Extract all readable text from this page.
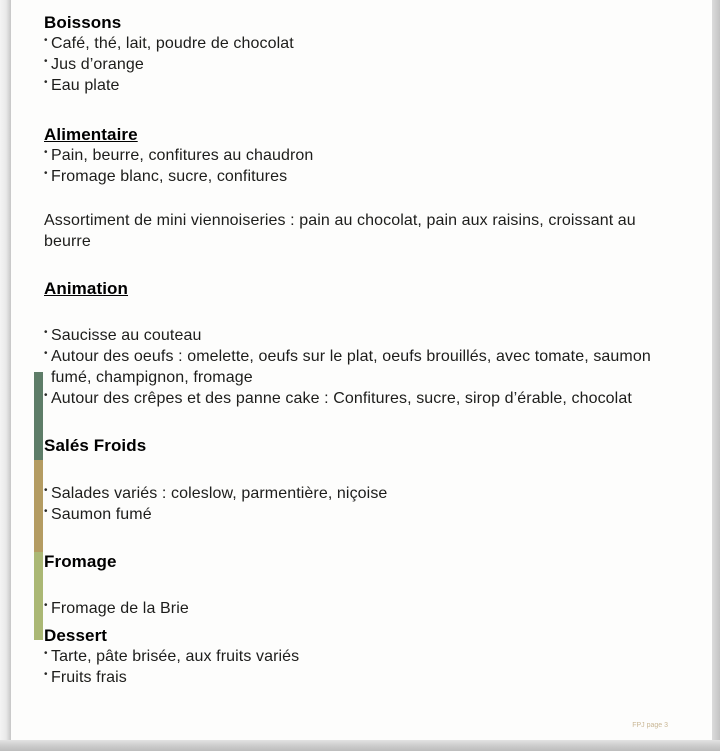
Boissons
• Café, thé, lait, poudre de chocolat
• Jus d’orange
• Eau plate
Alimentaire
• Pain, beurre, confitures au chaudron
• Fromage blanc, sucre, confitures

Assortiment de mini viennoiseries : pain au chocolat, pain aux raisins, croissant au beurre

Animation
• Saucisse au couteau
• Autour des oeufs : omelette, oeufs sur le plat, oeufs brouillés, avec tomate, saumon fumé, champignon, fromage
• Autour des crêpes et des panne cake : Confitures, sucre, sirop d’érable, chocolat
Salés Froids
• Salades variés : coleslow, parmentière, niçoise
• Saumon fumé
Fromage
• Fromage de la Brie
Dessert
• Tarte, pâte brisée, aux fruits variés
• Fruits frais
FPJ page 3
